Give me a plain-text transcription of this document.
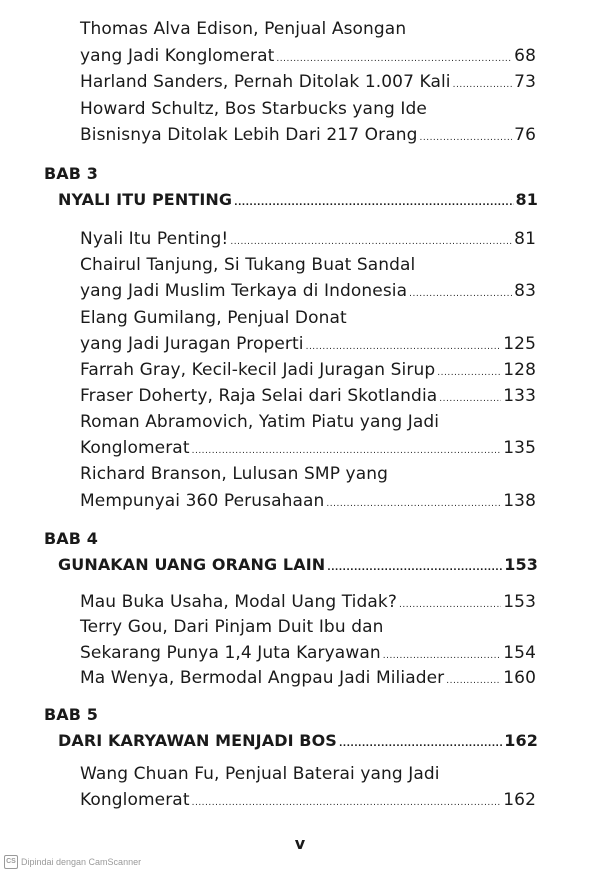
Thomas Alva Edison, Penjual Asongan
yang Jadi Konglomerat .....	68
Harland Sanders, Pernah Ditolak 1.007 Kali .....	73
Howard Schultz, Bos Starbucks yang Ide
Bisnisnya Ditolak Lebih Dari 217 Orang .....	76
BAB 3
NYALI ITU PENTING .....	81
Nyali Itu Penting! .....	81
Chairul Tanjung, Si Tukang Buat Sandal
yang Jadi Muslim Terkaya di Indonesia .....	83
Elang Gumilang, Penjual Donat
yang Jadi Juragan Properti .....	125
Farrah Gray, Kecil-kecil Jadi Juragan Sirup .....	128
Fraser Doherty, Raja Selai dari Skotlandia .....	133
Roman Abramovich, Yatim Piatu yang Jadi
Konglomerat .....	135
Richard Branson, Lulusan SMP yang
Mempunyai 360 Perusahaan .....	138
BAB 4
GUNAKAN UANG ORANG LAIN .....	153
Mau Buka Usaha, Modal Uang Tidak? .....	153
Terry Gou, Dari Pinjam Duit Ibu dan
Sekarang Punya 1,4 Juta Karyawan .....	154
Ma Wenya, Bermodal Angpau Jadi Miliader .....	160
BAB 5
DARI KARYAWAN MENJADI BOS .....	162
Wang Chuan Fu, Penjual Baterai yang Jadi
Konglomerat .....	162
v
CS Dipindai dengan CamScanner
